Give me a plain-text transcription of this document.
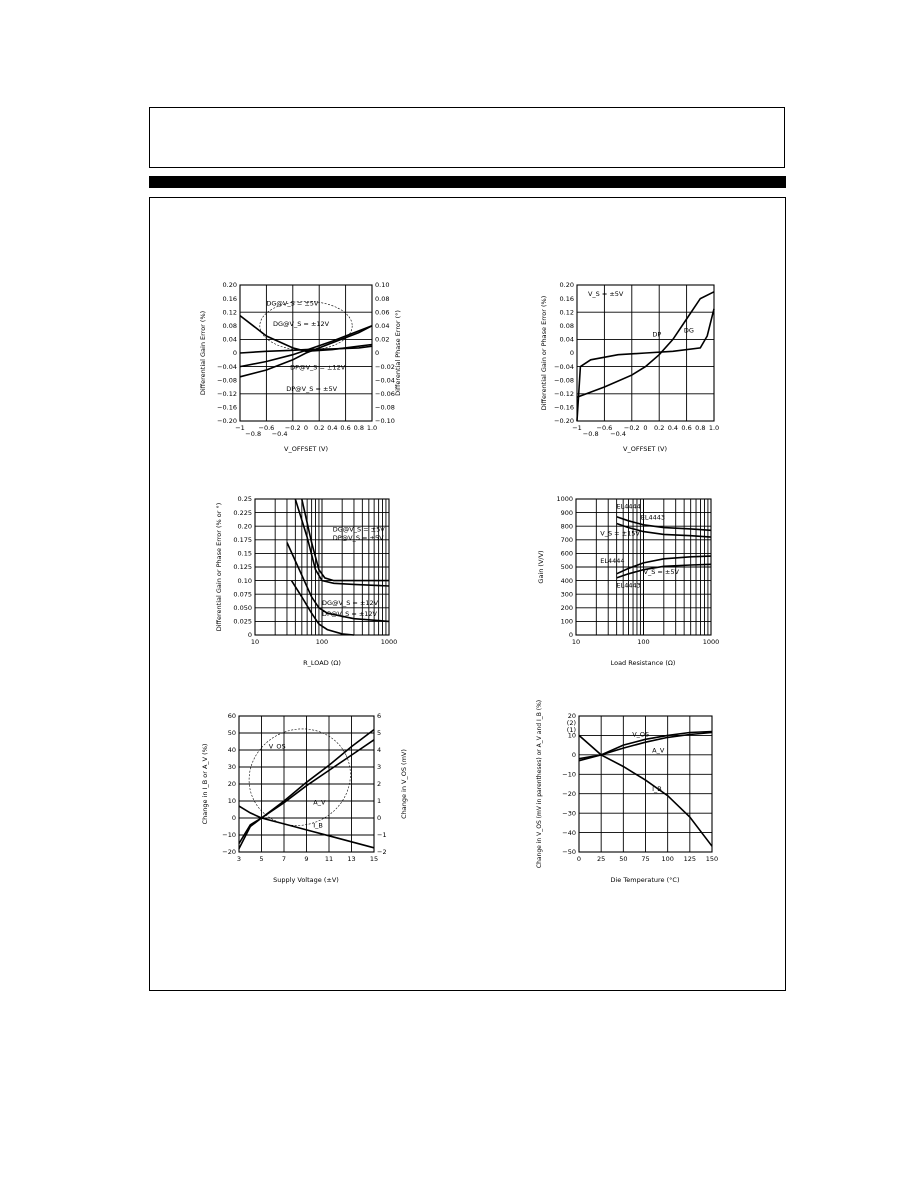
0.20
0.16
0.12
0.08
0.04
0
−0.04
−0.08
−0.12
−0.16
−0.20
0.10
0.08
0.06
0.04
0.02
0
−0.02
−0.04
−0.06
−0.08
−0.10
−1
−0.8
−0.6
−0.4
−0.2 0 0.2 0.4 0.6 0.8 1.0
DG@V_S = ±5V
DG@V_S = ±12V
DP@V_S = ±12V
DP@V_S = ±5V
Differential Gain Error (%)	Differential Phase Error (°)
V_OFFSET (V)
0.20
0.16
0.12
0.08
0.04
0
−0.04
−0.08
−0.12
−0.16
−0.20
−1
−0.8
−0.6
−0.4
−0.2 0 0.2 0.4 0.6 0.8 1.0
V_S = ±5V
DP
DG
Differential Gain or Phase Error (%)
V_OFFSET (V)
0.25
0.225
0.20
0.175
0.15
0.125
0.10
0.075
0.050
0.025
0
10	100	1000
DG@V_S = ±5V
DP@V_S = ±5V
DG@V_S = ±12V
DP@V_S = ±12V
Differential Gain or Phase Error (% or °)
R_LOAD (Ω)
1000
900
800
700
600
500
400
300
200
100
0
10	100	1000
EL4444
EL4443
V_S = ±15V
EL4444
EL4443
V_S = ±5V
Gain (V/V)
Load Resistance (Ω)
60
50
40
30
20
10
0
−10
−20
6
5
4
3
2
1
0
−1
−2
3	5	7	9	11 13 15
V_OS
A_V
I_B
Change in I_B or A_V (%)	Change in V_OS (mV)
Supply Voltage (±V)
20
10
0
−10
−20
−30
−40
−50
(2)
(1)
0 25 50 75 100 125 150
V_OS
A_V
I_B
Change in V_OS (mV in parentheses) or A_V and I_B (%)
Die Temperature (°C)
